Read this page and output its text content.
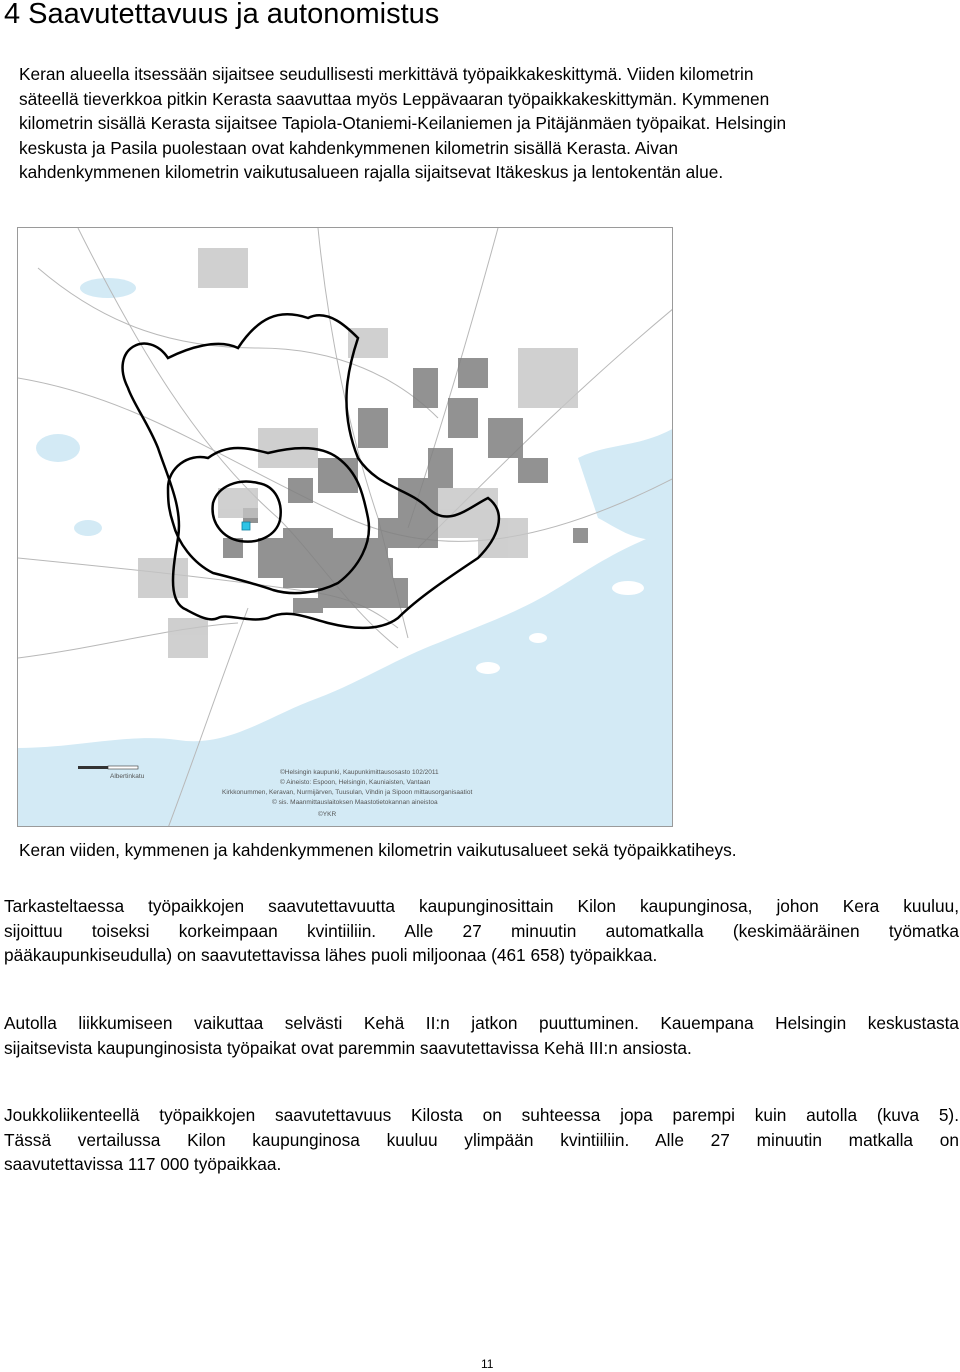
4 Saavutettavuus ja autonomistus
Keran alueella itsessään sijaitsee seudullisesti merkittävä työpaikkakeskittymä. Viiden kilometrin
säteellä tieverkkoa pitkin Kerasta saavuttaa myös Leppävaaran työpaikkakeskittymän. Kymmenen
kilometrin sisällä Kerasta sijaitsee Tapiola-Otaniemi-Keilaniemen ja Pitäjänmäen työpaikat. Helsingin
keskusta ja Pasila puolestaan ovat kahdenkymmenen kilometrin sisällä Kerasta. Aivan
kahdenkymmenen kilometrin vaikutusalueen rajalla sijaitsevat Itäkeskus ja lentokentän alue.
Albertinkatu
©Helsingin kaupunki, Kaupunkimittausosasto 102/2011
© Aineisto: Espoon, Helsingin, Kauniaisten, Vantaan
Kirkkonummen, Keravan, Nurmijärven, Tuusulan, Vihdin ja Sipoon mittausorganisaatiot
© sis. Maanmittauslaitoksen Maastotietokannan aineistoa
©YKR
Keran viiden, kymmenen ja kahdenkymmenen kilometrin vaikutusalueet sekä työpaikkatiheys.
Tarkasteltaessa työpaikkojen saavutettavuutta kaupunginosittain Kilon kaupunginosa, johon Kera kuuluu,
sijoittuu toiseksi korkeimpaan kvintiiliin. Alle 27 minuutin automatkalla (keskimääräinen työmatka
pääkaupunkiseudulla) on saavutettavissa lähes puoli miljoonaa (461 658) työpaikkaa.
Autolla liikkumiseen vaikuttaa selvästi Kehä II:n jatkon puuttuminen. Kauempana Helsingin keskustasta
sijaitsevista kaupunginosista työpaikat ovat paremmin saavutettavissa Kehä III:n ansiosta.
Joukkoliikenteellä työpaikkojen saavutettavuus Kilosta on suhteessa jopa parempi kuin autolla (kuva 5).
Tässä vertailussa Kilon kaupunginosa kuuluu ylimpään kvintiiliin. Alle 27 minuutin matkalla on
saavutettavissa 117 000 työpaikkaa.
11
